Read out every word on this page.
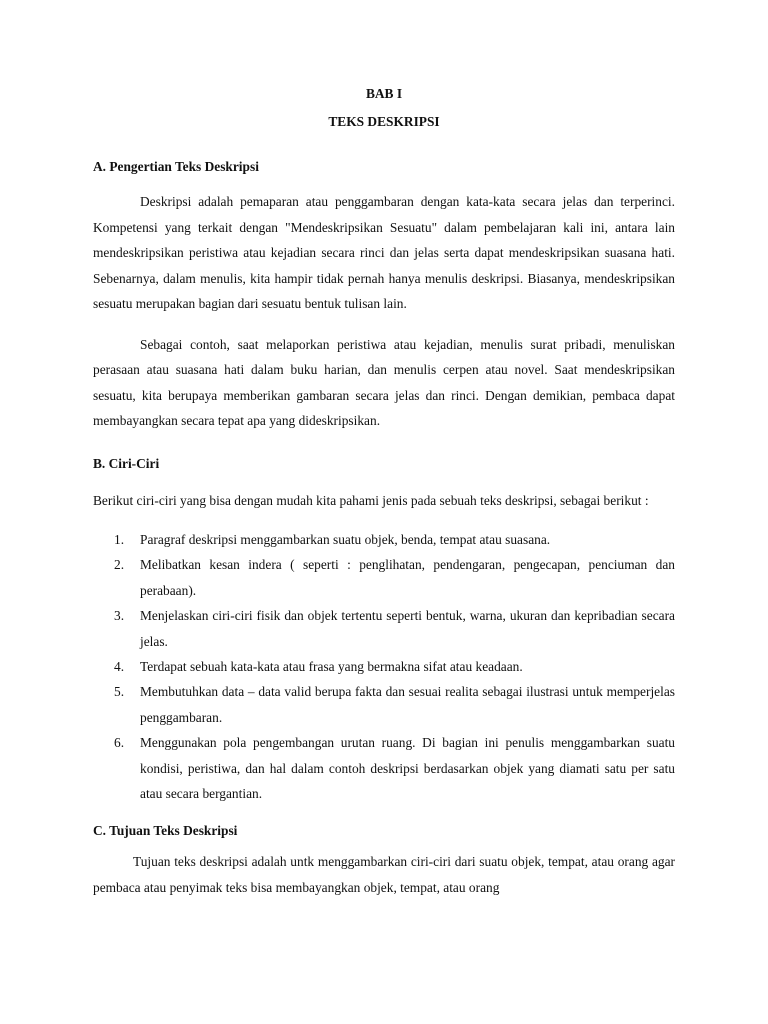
BAB I
TEKS DESKRIPSI
A. Pengertian Teks Deskripsi

Deskripsi adalah pemaparan atau penggambaran dengan kata-kata secara jelas dan terperinci. Kompetensi yang terkait dengan "Mendeskripsikan Sesuatu" dalam pembelajaran kali ini, antara lain mendeskripsikan peristiwa atau kejadian secara rinci dan jelas serta dapat mendeskripsikan suasana hati. Sebenarnya, dalam menulis, kita hampir tidak pernah hanya menulis deskripsi. Biasanya, mendeskripsikan sesuatu merupakan bagian dari sesuatu bentuk tulisan lain.

Sebagai contoh, saat melaporkan peristiwa atau kejadian, menulis surat pribadi, menuliskan perasaan atau suasana hati dalam buku harian, dan menulis cerpen atau novel. Saat mendeskripsikan sesuatu, kita berupaya memberikan gambaran secara jelas dan rinci. Dengan demikian, pembaca dapat membayangkan secara tepat apa yang dideskripsikan.

B. Ciri-Ciri

Berikut ciri-ciri yang bisa dengan mudah kita pahami jenis pada sebuah teks deskripsi, sebagai berikut :

1. Paragraf deskripsi menggambarkan suatu objek, benda, tempat atau suasana.
2. Melibatkan kesan indera ( seperti : penglihatan, pendengaran, pengecapan, penciuman dan perabaan).
3. Menjelaskan ciri-ciri fisik dan objek tertentu seperti bentuk, warna, ukuran dan kepribadian secara jelas.
4. Terdapat sebuah kata-kata atau frasa yang bermakna sifat atau keadaan.
5. Membutuhkan data – data valid berupa fakta dan sesuai realita sebagai ilustrasi untuk memperjelas penggambaran.
6. Menggunakan pola pengembangan urutan ruang. Di bagian ini penulis menggambarkan suatu kondisi, peristiwa, dan hal dalam contoh deskripsi berdasarkan objek yang diamati satu per satu atau secara bergantian.
C. Tujuan Teks Deskripsi

Tujuan teks deskripsi adalah untk menggambarkan ciri-ciri dari suatu objek, tempat, atau orang agar pembaca atau penyimak teks bisa membayangkan objek, tempat, atau orang
